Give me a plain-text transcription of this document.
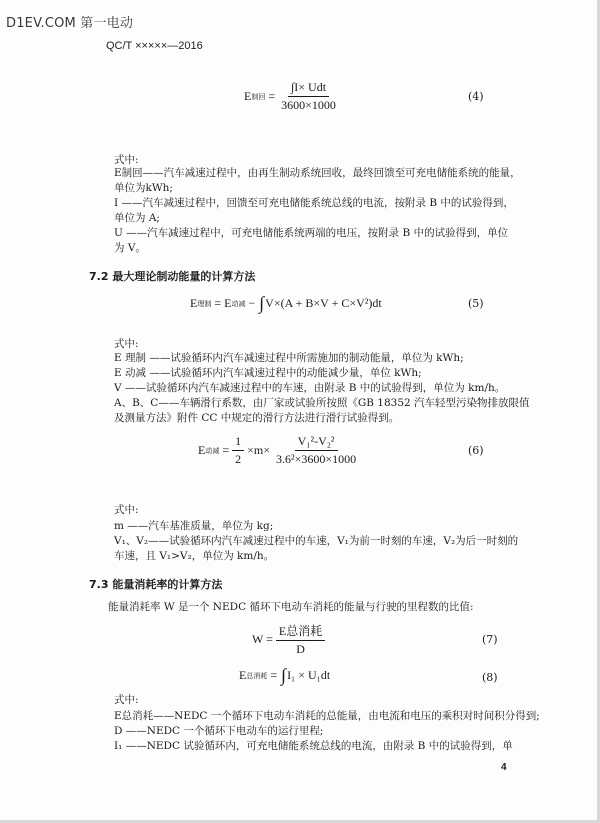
D1EV.COM 第一电动
QC/T ×××××—2016
E 制回 = $\frac{\text{∫I× Udt}}{3600\times 1000}$	(4)
式中:
E制回——汽车减速过程中，由再生制动系统回收，最终回馈至可充电储能系统的能量，
单位为kWh;
I ——汽车减速过程中，回馈至可充电储能系统总线的电流，按附录 B 中的试验得到，
单位为 A;
U ——汽车减速过程中，可充电储能系统两端的电压，按附录 B 中的试验得到，单位
为 V。
7.2 最大理论制动能量的计算方法
E 理制
= E 动减 − ∫ V×(A + B×V + C×V²)dt	(5)
式中:
E 理制 ——试验循环内汽车减速过程中所需施加的制动能量，单位为 kWh;
E 动减 ——试验循环内汽车减速过程中的动能减少量，单位 kWh;
V ——试验循环内汽车减速过程中的车速，由附录 B 中的试验得到，单位为 km/h。
A、B、C——车辆滑行系数，由厂家或试验所按照《GB 18352 汽车轻型污染物排放限值
及测量方法》附件 CC 中规定的滑行方法进行滑行试验得到。
E 动减 = $\frac{1}{2} \times m\times \frac{\text{V₁²-V₂²}}{\text{3.6²×3600×1000}}$	(6)
式中:
m ——汽车基准质量，单位为 kg;
V₁、V₂——试验循环内汽车减速过程中的车速，V₁为前一时刻的车速，V₂为后一时刻的
车速，且 V₁>V₂，单位为 km/h。
7.3 能量消耗率的计算方法
能量消耗率 W 是一个 NEDC 循环下电动车消耗的能量与行驶的里程数的比值:
W =
$\frac{\text{E总消耗}}{D}$	(7)
E 总消耗 = ∫ I₁ × U₁dt	(8)
式中:
E总消耗——NEDC 一个循环下电动车消耗的总能量，由电流和电压的乘积对时间积分得到;
D ——NEDC 一个循环下电动车的运行里程;
I₁ ——NEDC 试验循环内，可充电储能系统总线的电流，由附录 B 中的试验得到，单
4
